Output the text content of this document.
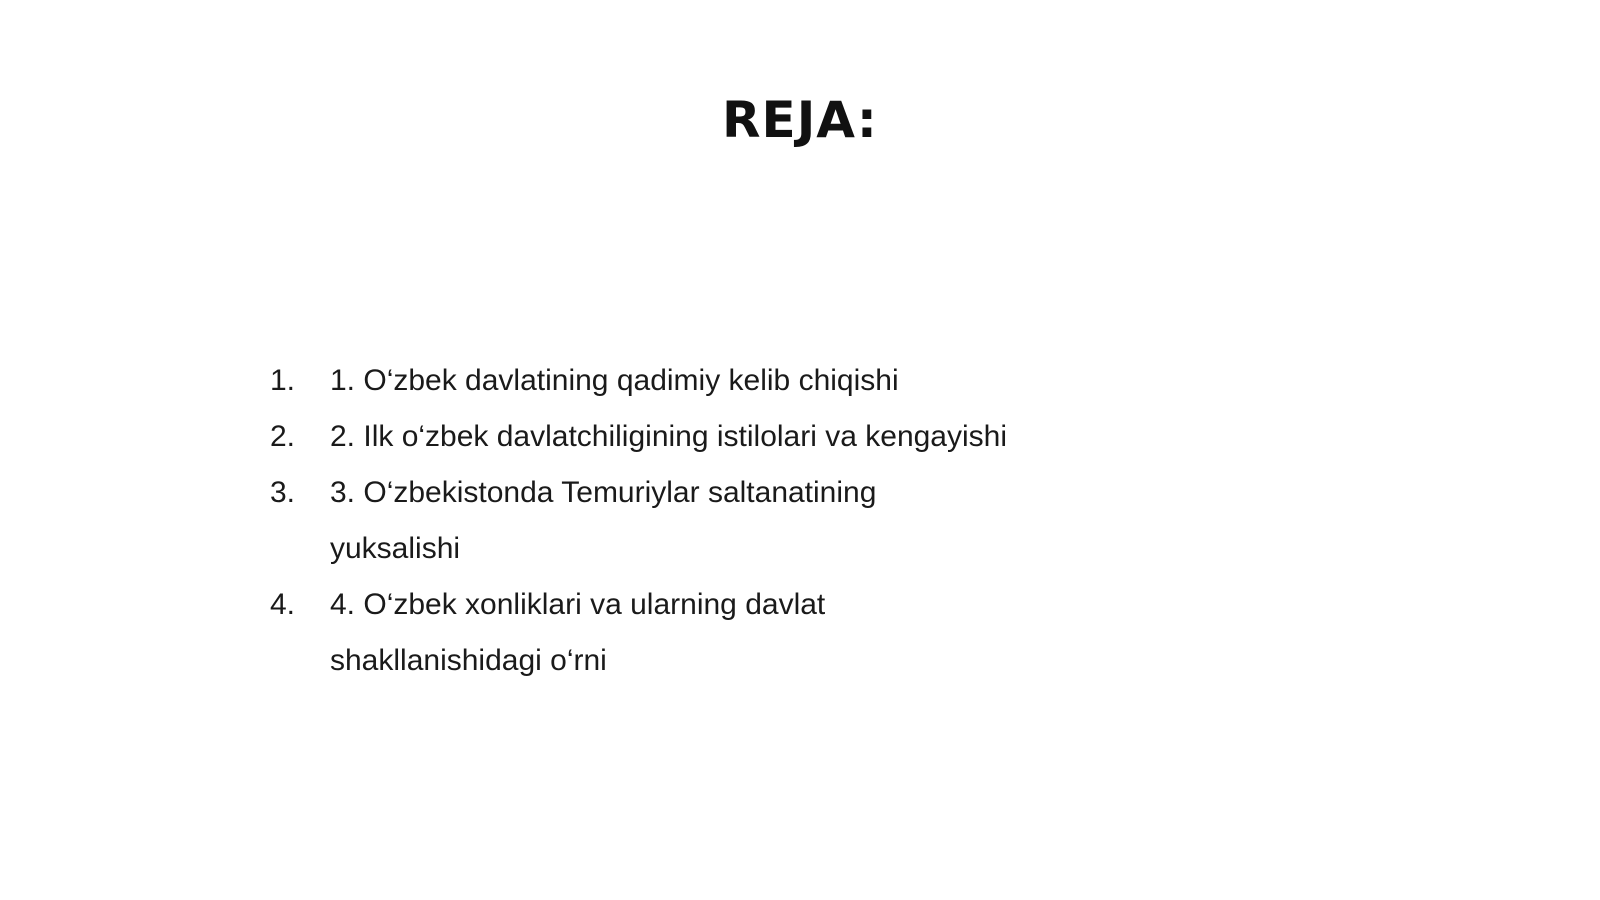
REJA:
1. 1. O‘zbek davlatining qadimiy kelib chiqishi
2. 2. Ilk o‘zbek davlatchiligining istilolari va kengayishi
3. 3. O‘zbekistonda Temuriylar saltanatining
yuksalishi
4. 4. O‘zbek xonliklari va ularning davlat
shakllanishidagi o‘rni
